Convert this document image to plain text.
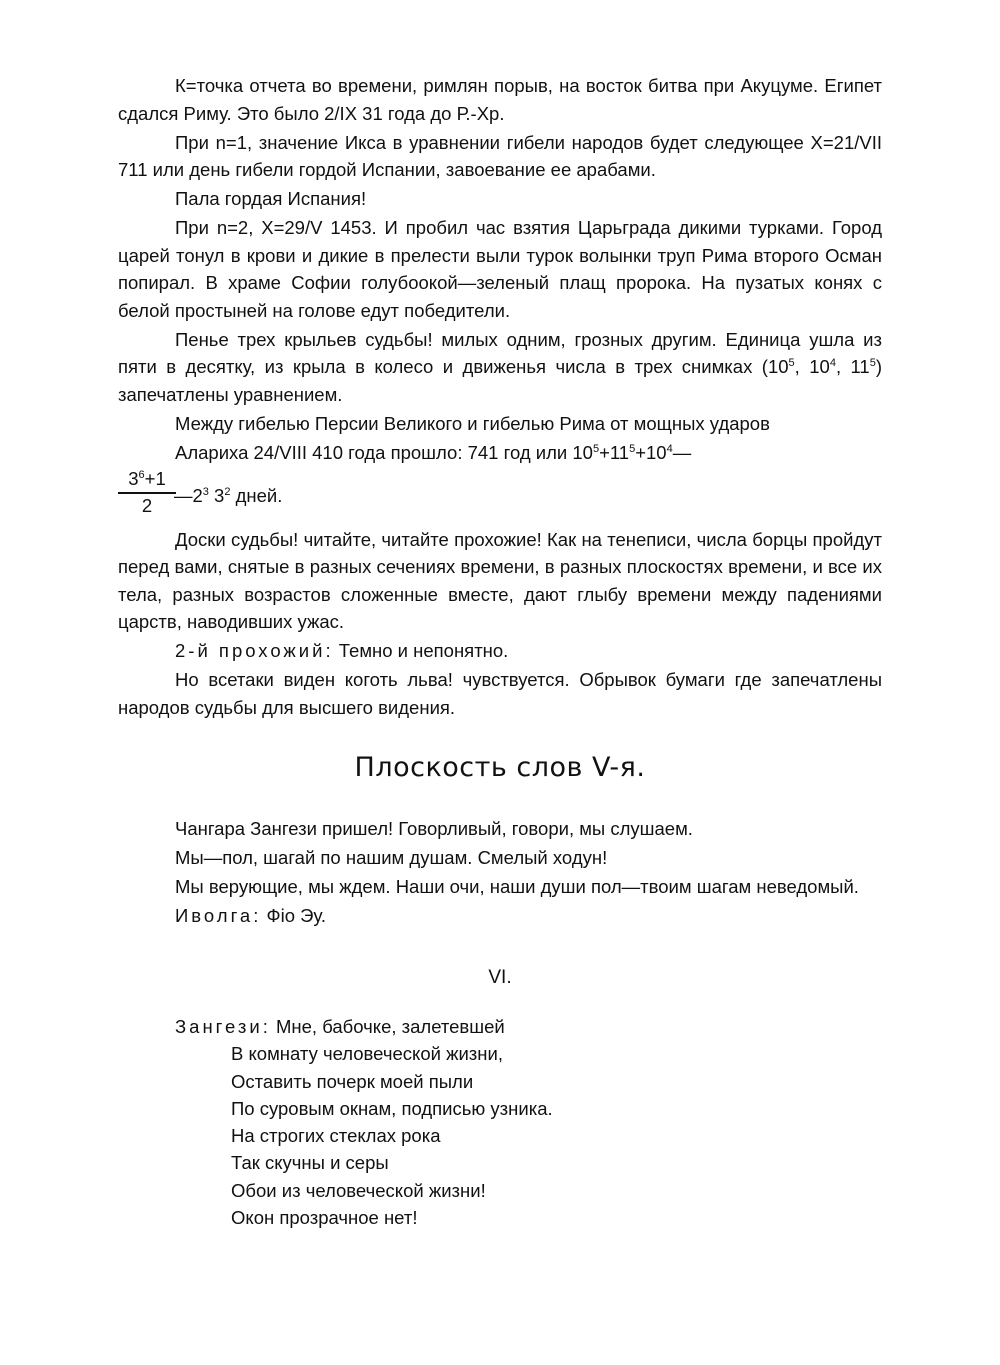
К=точка отчета во времени, римлян порыв, на восток битва при Акуцуме. Египет сдался Риму. Это было 2/IX 31 года до Р.-Хр.

При n=1, значение Икса в уравнении гибели народов будет следующее X=21/VII 711 или день гибели гордой Испании, завоевание ее арабами.

Пала гордая Испания!

При n=2, X=29/V 1453. И пробил час взятия Царьграда дикими турками. Город царей тонул в крови и дикие в прелести выли турок волынки труп Рима второго Осман попирал. В храме Софии голубоокой—зеленый плащ пророка. На пузатых конях с белой простыней на голове едут победители.

Пенье трех крыльев судьбы! милых одним, грозных другим. Единица ушла из пяти в десятку, из крыла в колесо и движенья числа в трех снимках ($10^5$, $10^4$, $11^5$) запечатлены уравнением.

Между гибелью Персии Великого и гибелью Рима от мощных ударов

Алариха 24/VIII 410 года прошло: 741 год или $10^5+11^5+10^4—$

$\frac{3^6+1}{2}$
$—2^3$ $3^2$ дней.

Доски судьбы! читайте, читайте прохожие! Как на тенеписи, числа борцы пройдут перед вами, снятые в разных сечениях времени, в разных плоскостях времени, и все их тела, разных возрастов сложенные вместе, дают глыбу времени между падениями царств, наводивших ужас.

2-й прохожий: Темно и непонятно.

Но всетаки виден коготь льва! чувствуется. Обрывок бумаги где запечатлены народов судьбы для высшего видения.

Плоскость слов V-я.

Чангара Зангези пришел! Говорливый, говори, мы слушаем.

Мы—пол, шагай по нашим душам. Смелый ходун!

Мы верующие, мы ждем. Наши очи, наши души пол—твоим шагам неведомый.

Иволга: Фio Эу.

VI.
Зангези: Мне, бабочке, залетевшей
В комнату человеческой жизни,
Оставить почерк моей пыли
По суровым окнам, подписью узника.
На строгих стеклах рока
Так скучны и серы
Обои из человеческой жизни!
Окон прозрачное нет!
